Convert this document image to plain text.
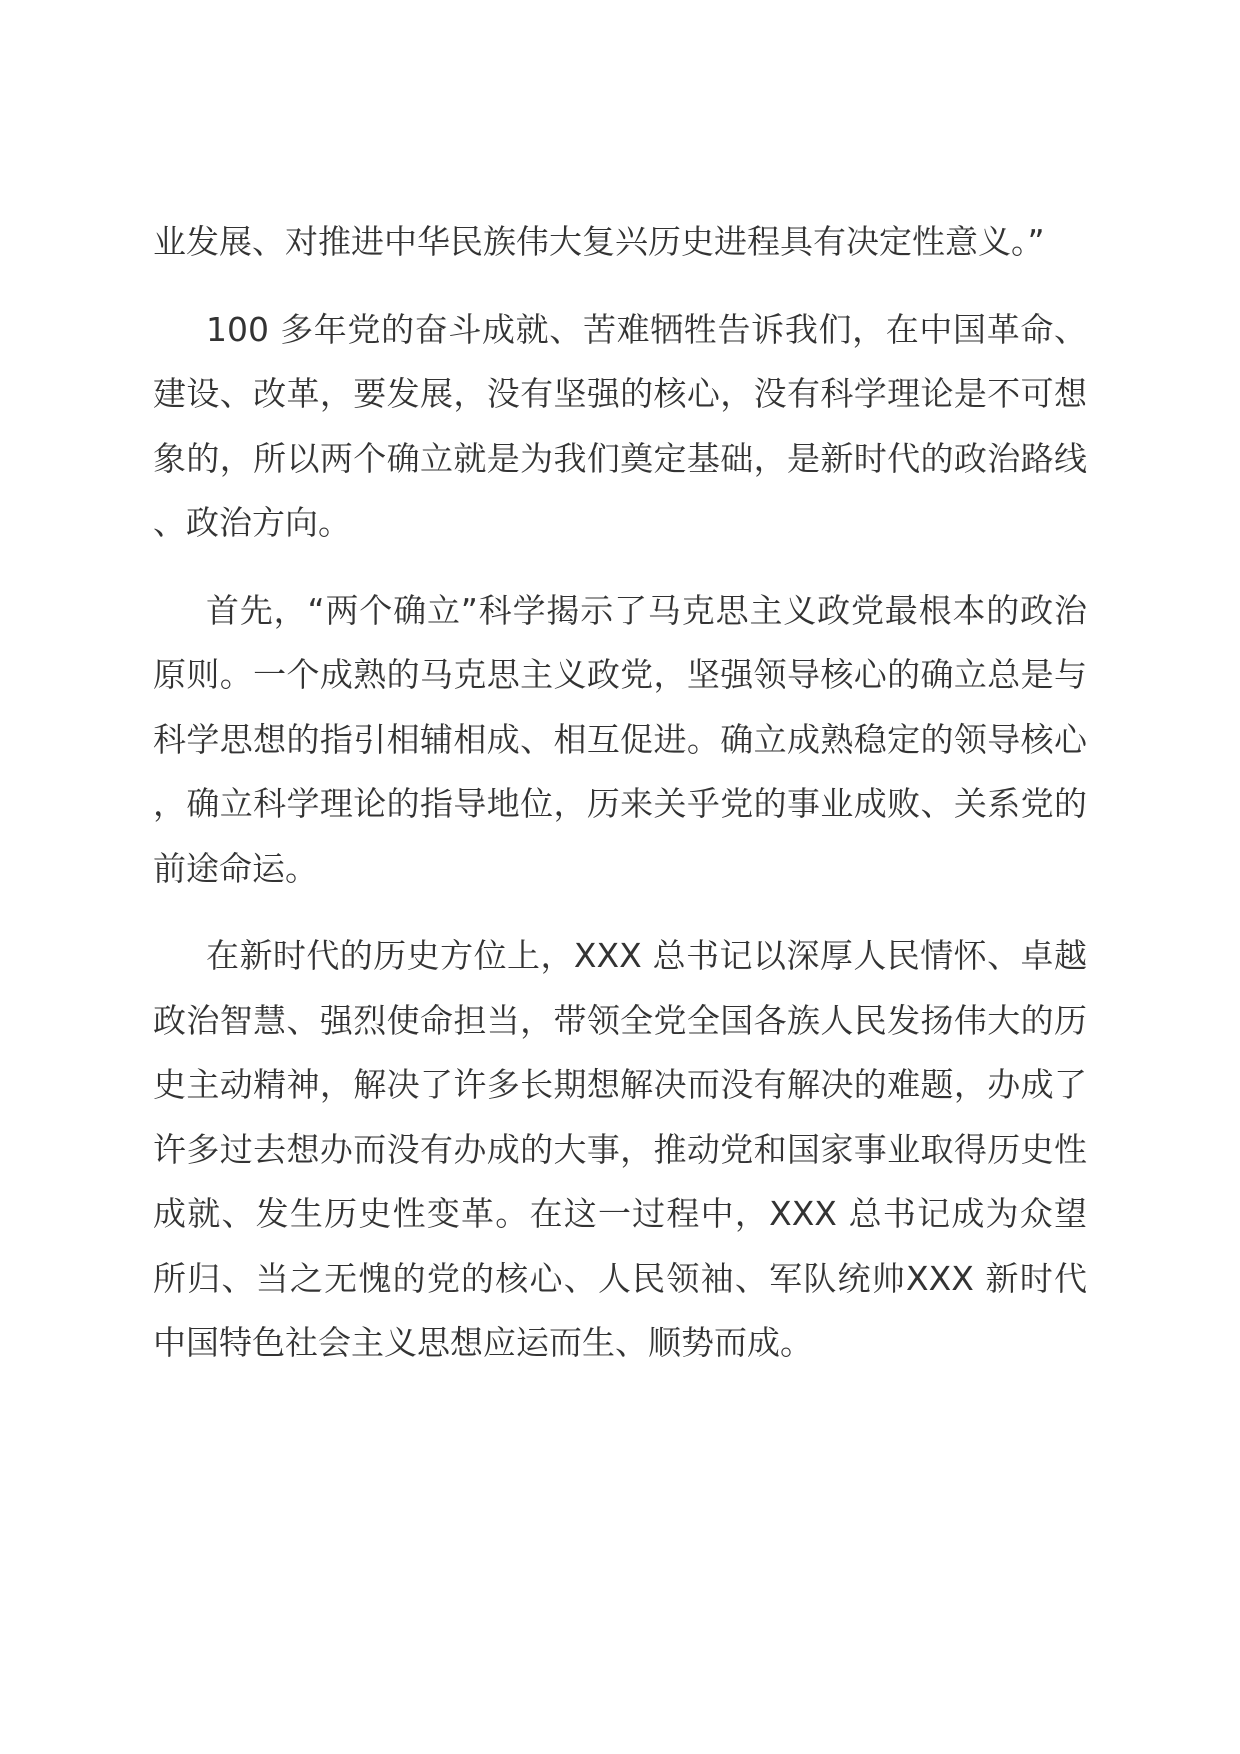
业发展、对推进中华民族伟大复兴历史进程具有决定性意义。”

100 多年党的奋斗成就、苦难牺牲告诉我们，在中国革命、建设、改革，要发展，没有坚强的核心，没有科学理论是不可想象的，所以两个确立就是为我们奠定基础，是新时代的政治路线、政治方向。

首先，“两个确立”科学揭示了马克思主义政党最根本的政治原则。一个成熟的马克思主义政党，坚强领导核心的确立总是与科学思想的指引相辅相成、相互促进。确立成熟稳定的领导核心，确立科学理论的指导地位，历来关乎党的事业成败、关系党的前途命运。

在新时代的历史方位上，XXX 总书记以深厚人民情怀、卓越政治智慧、强烈使命担当，带领全党全国各族人民发扬伟大的历史主动精神，解决了许多长期想解决而没有解决的难题，办成了许多过去想办而没有办成的大事，推动党和国家事业取得历史性成就、发生历史性变革。在这一过程中，XXX 总书记成为众望所归、当之无愧的党的核心、人民领袖、军队统帅XXX 新时代中国特色社会主义思想应运而生、顺势而成。
